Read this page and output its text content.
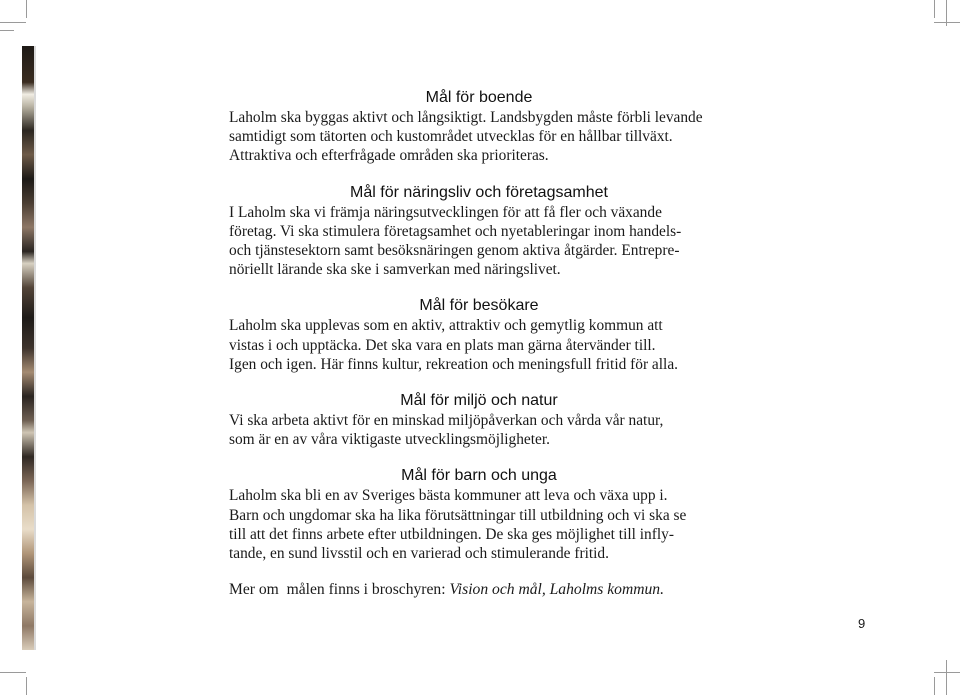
Mål för boende

Laholm ska byggas aktivt och långsiktigt. Landsbygden måste förbli levande

samtidigt som tätorten och kustområdet utvecklas för en hållbar tillväxt.

Attraktiva och efterfrågade områden ska prioriteras.

Mål för näringsliv och företagsamhet

I Laholm ska vi främja näringsutvecklingen för att få fler och växande

företag. Vi ska stimulera företagsamhet och nyetableringar inom handels-

och tjänstesektorn samt besöksnäringen genom aktiva åtgärder. Entrepre-

nöriellt lärande ska ske i samverkan med näringslivet.

Mål för besökare

Laholm ska upplevas som en aktiv, attraktiv och gemytlig kommun att

vistas i och upptäcka. Det ska vara en plats man gärna återvänder till.

Igen och igen. Här finns kultur, rekreation och meningsfull fritid för alla.

Mål för miljö och natur

Vi ska arbeta aktivt för en minskad miljöpåverkan och vårda vår natur,

som är en av våra viktigaste utvecklingsmöjligheter.

Mål för barn och unga

Laholm ska bli en av Sveriges bästa kommuner att leva och växa upp i.

Barn och ungdomar ska ha lika förutsättningar till utbildning och vi ska se

till att det finns arbete efter utbildningen. De ska ges möjlighet till infly-

tande, en sund livsstil och en varierad och stimulerande fritid.

Mer om  målen finns i broschyren: Vision och mål, Laholms kommun.

9
